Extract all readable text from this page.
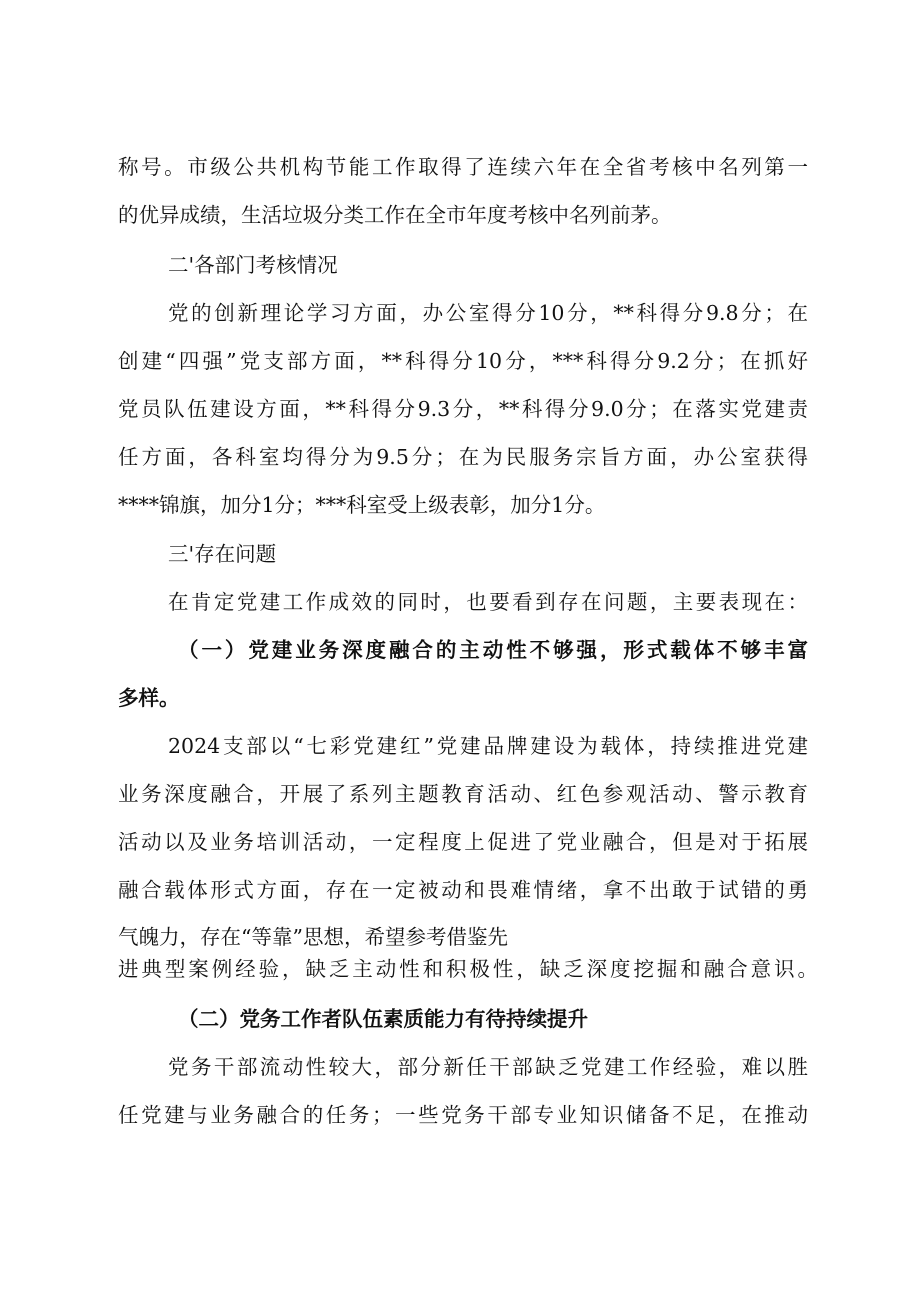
称号。市级公共机构节能工作取得了连续六年在全省考核中名列第一
的优异成绩，生活垃圾分类工作在全市年度考核中名列前茅。
二'各部门考核情况
党的创新理论学习方面，办公室得分10分，**科得分9.8分；在
创建“四强”党支部方面，**科得分10分，***科得分9.2分；在抓好
党员队伍建设方面，**科得分9.3分，**科得分9.0分；在落实党建责
任方面，各科室均得分为9.5分；在为民服务宗旨方面，办公室获得
****锦旗，加分1分；***科室受上级表彰，加分1分。
三'存在问题
在肯定党建工作成效的同时，也要看到存在问题，主要表现在：
（一）党建业务深度融合的主动性不够强，形式载体不够丰富
多样。
2024支部以“七彩党建红”党建品牌建设为载体，持续推进党建
业务深度融合，开展了系列主题教育活动、红色参观活动、警示教育
活动以及业务培训活动，一定程度上促进了党业融合，但是对于拓展
融合载体形式方面，存在一定被动和畏难情绪，拿不出敢于试错的勇
气魄力，存在“等靠”思想，希望参考借鉴先
进典型案例经验，缺乏主动性和积极性，缺乏深度挖掘和融合意识。
（二）党务工作者队伍素质能力有待持续提升
党务干部流动性较大，部分新任干部缺乏党建工作经验，难以胜
任党建与业务融合的任务；一些党务干部专业知识储备不足，在推动
